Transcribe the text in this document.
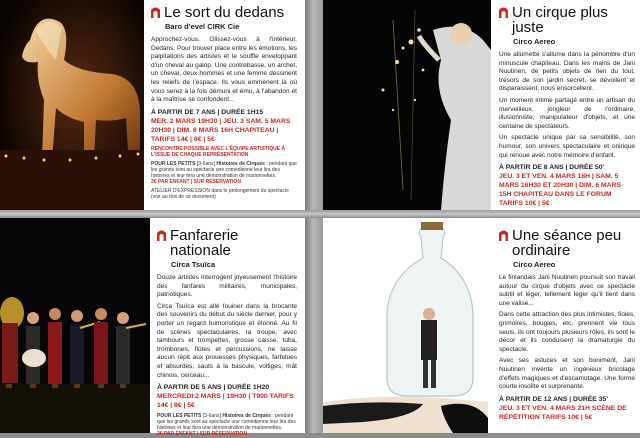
Le sort du dedans
Baro d'evel CIRK Cie

Approchez-vous. Glissez-vous à l'intérieur. Dedans. Pour trouver place entre les émotions, les palpitations des artistes et le souffle enveloppant d'un cheval au galop. Une contrebasse, un archet, un cheval, deux hommes et une femme dessinent les reliefs de l'espace. Ils vous emmènent là où vous serez à la fois démuni et ému, à l'abandon et à la maîtrise se confondent...

À PARTIR DE 7 ANS | DURÉE 1H15

MER. 2 MARS 19H30 | JEU. 3 SAM. 5 MARS 20H30 | DIM. 6 MARS 16H CHAPITEAU | TARIFS 14€ | 8€ | 5€

RENCONTRE POSSIBLE AVEC L'ÉQUIPE ARTISTIQUE À L'ISSUE DE CHAQUE REPRÉSENTATION

POUR LES PETITS [3-6ans] Histoires de Cirques : pendant que les grands sont au spectacle une comédienne leur lira des histoires et leur fera une démonstration de marionnettes.

2€ PAR ENFANT | SUR RÉSERVATION

ATELIER D'EXPRESSION dans le prolongement du spectacle (voir au dos de ce document)

Un cirque plus juste
Circo Aereo

Une allumette s'allume dans la pénombre d'un minuscule chapiteau. Dans les mains de Jani Nuutinen, de petits objets de rien du tout, trésors de son jardin secret, se dévoilent et disparaissent, nous ensorcellent.

Un moment intime partagé entre un artisan du merveilleux, jongleur de l'ordinaire, illusionniste, manipulateur d'objets, et une centaine de spectateurs.

Un spectacle unique par sa sensibilité, son humour, son univers spectaculaire et onirique qui renoue avec notre mémoire d'enfant.

À PARTIR DE 8 ANS | DURÉE 50'

JEU. 3 ET VEN. 4 MARS 18H | SAM. 5 MARS 16H30 ET 20H30 | DIM. 6 MARS 15H CHAPITEAU DANS LE FORUM TARIFS 10€ | 5€

Fanfarerie nationale
Circa Tsuïca

Douze artistes interrogent joyeusement l'histoire des fanfares militaires, municipales, patriotiques.

Circa Tsuïca est allé fouiner dans la brocante des souvenirs du début du siècle dernier, pour y porter un regard humoristique et étonné. Au fil de scènes spectaculaires, la troupe, avec tambours et trompettes, grosse caisse, tuba, trombones, flûtes et percussions, ne laisse aucun répit aux prouesses physiques, farfelues et absurdes, sauts à la bascule, voltiges, mât chinois, cerceau...

À PARTIR DE 5 ANS | DURÉE 1H20

MERCREDI 2 MARS | 19H30 | T900 TARIFS 14€ | 8€ | 5€

POUR LES PETITS [3-6ans] Histoires de Cirques : pendant que les grands sont au spectacle une comédienne leur lira des histoires et leur fera une démonstration de marionnettes.

2€ PAR ENFANT | SUR RÉSERVATION

Une séance peu ordinaire
Circo Aereo

Le finlandais Jani Nuutinen poursuit son travail autour du cirque d'objets avec ce spectacle subtil et léger, tellement léger qu'il tient dans une valise...

Dans cette attraction des plus intimistes, fioles, grimoires, bougies, etc. prennent vie tous seuls, ils ont toujours plusieurs rôles, ils sont le décor et ils conduisent la dramaturgie du spectacle.

Avec ses astuces et son boniment, Jani Nuutinen invente un ingénieux bricolage d'effets magiques et d'escamotage. Une forme courte insolite et surprenante.

À PARTIR DE 12 ANS | DURÉE 35'

JEU. 3 ET VEN. 4 MARS 21H SCÈNE DE RÉPÉTITION TARIFS 10€ | 5€
